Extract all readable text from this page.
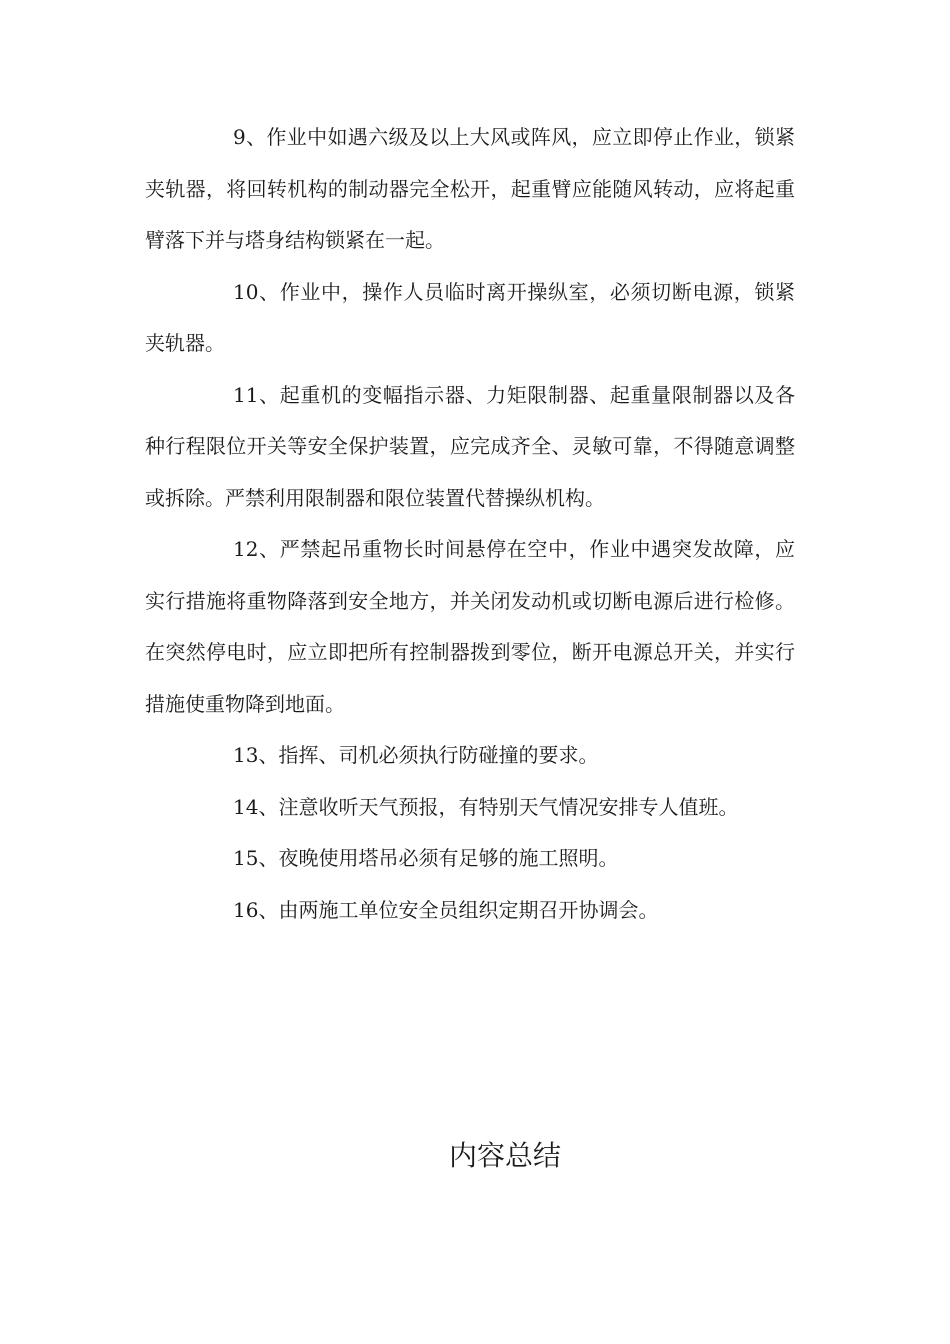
9、作业中如遇六级及以上大风或阵风，应立即停止作业，锁紧夹轨器，将回转机构的制动器完全松开，起重臂应能随风转动，应将起重臂落下并与塔身结构锁紧在一起。

10、作业中，操作人员临时离开操纵室，必须切断电源，锁紧夹轨器。

11、起重机的变幅指示器、力矩限制器、起重量限制器以及各种行程限位开关等安全保护装置，应完成齐全、灵敏可靠，不得随意调整或拆除。严禁利用限制器和限位装置代替操纵机构。

12、严禁起吊重物长时间悬停在空中，作业中遇突发故障，应实行措施将重物降落到安全地方，并关闭发动机或切断电源后进行检修。在突然停电时，应立即把所有控制器拨到零位，断开电源总开关，并实行措施使重物降到地面。

13、指挥、司机必须执行防碰撞的要求。

14、注意收听天气预报，有特别天气情况安排专人值班。

15、夜晚使用塔吊必须有足够的施工照明。

16、由两施工单位安全员组织定期召开协调会。

内容总结
